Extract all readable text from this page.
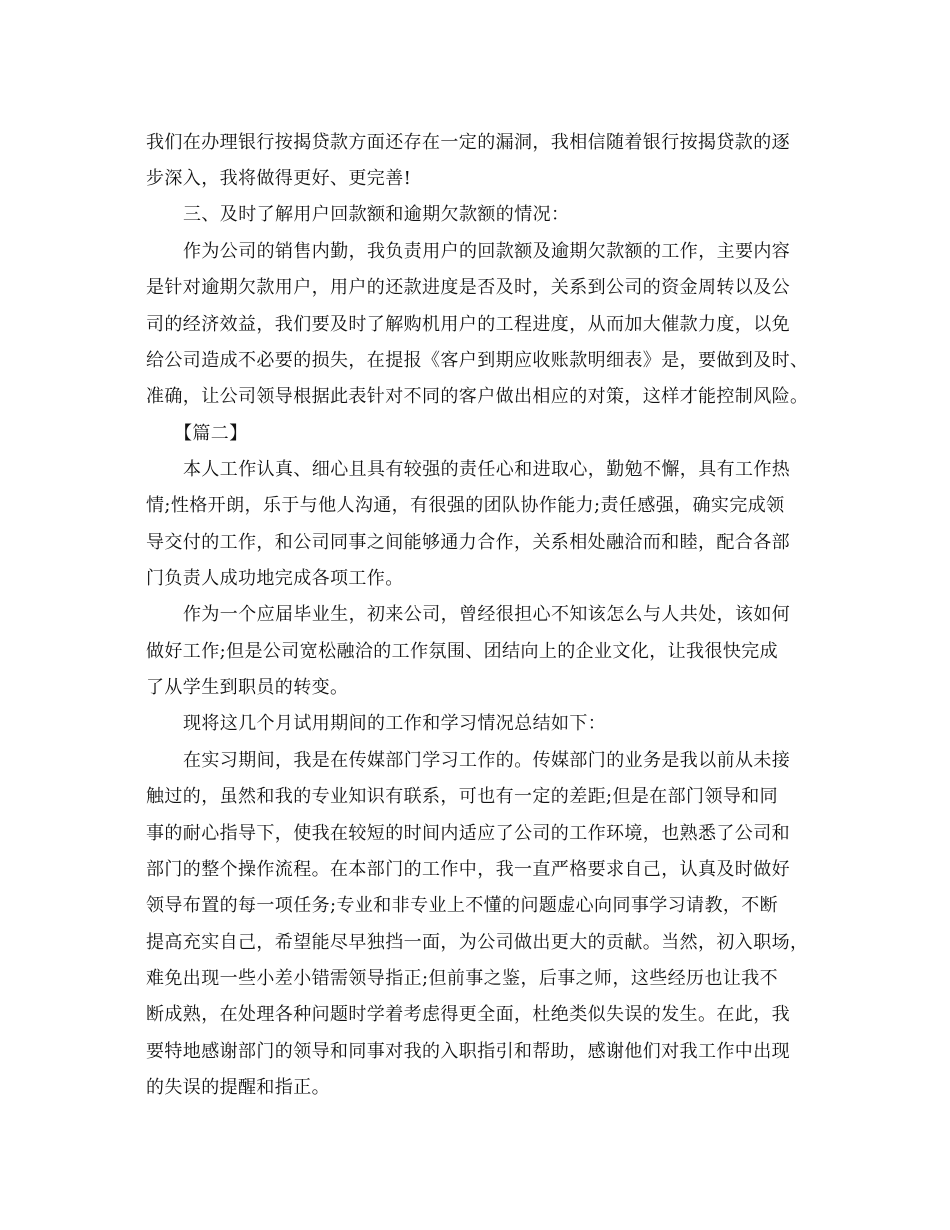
我们在办理银行按揭贷款方面还存在一定的漏洞，我相信随着银行按揭贷款的逐
步深入，我将做得更好、更完善!
三、及时了解用户回款额和逾期欠款额的情况：
作为公司的销售内勤，我负责用户的回款额及逾期欠款额的工作，主要内容
是针对逾期欠款用户，用户的还款进度是否及时，关系到公司的资金周转以及公
司的经济效益，我们要及时了解购机用户的工程进度，从而加大催款力度，以免
给公司造成不必要的损失，在提报《客户到期应收账款明细表》是，要做到及时、
准确，让公司领导根据此表针对不同的客户做出相应的对策，这样才能控制风险。
【篇二】
本人工作认真、细心且具有较强的责任心和进取心，勤勉不懈，具有工作热
情;性格开朗，乐于与他人沟通，有很强的团队协作能力;责任感强，确实完成领
导交付的工作，和公司同事之间能够通力合作，关系相处融洽而和睦，配合各部
门负责人成功地完成各项工作。
作为一个应届毕业生，初来公司，曾经很担心不知该怎么与人共处，该如何
做好工作;但是公司宽松融洽的工作氛围、团结向上的企业文化，让我很快完成
了从学生到职员的转变。
现将这几个月试用期间的工作和学习情况总结如下：
在实习期间，我是在传媒部门学习工作的。传媒部门的业务是我以前从未接
触过的，虽然和我的专业知识有联系，可也有一定的差距;但是在部门领导和同
事的耐心指导下，使我在较短的时间内适应了公司的工作环境，也熟悉了公司和
部门的整个操作流程。在本部门的工作中，我一直严格要求自己，认真及时做好
领导布置的每一项任务;专业和非专业上不懂的问题虚心向同事学习请教，不断
提高充实自己，希望能尽早独挡一面，为公司做出更大的贡献。当然，初入职场，
难免出现一些小差小错需领导指正;但前事之鉴，后事之师，这些经历也让我不
断成熟，在处理各种问题时学着考虑得更全面，杜绝类似失误的发生。在此，我
要特地感谢部门的领导和同事对我的入职指引和帮助，感谢他们对我工作中出现
的失误的提醒和指正。
